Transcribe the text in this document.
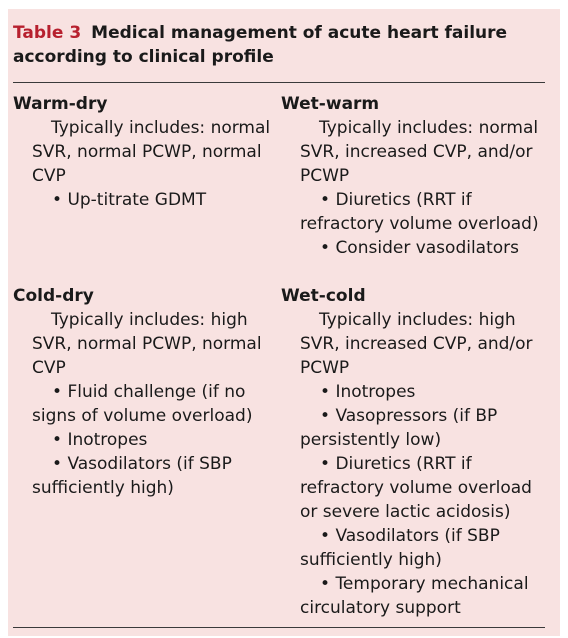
Table 3 Medical management of acute heart failure according to clinical profile
Warm-dry
Typically includes: normal SVR, normal PCWP, normal CVP
• Up-titrate GDMT
Wet-warm
Typically includes: normal SVR, increased CVP, and/or PCWP
• Diuretics (RRT if refractory volume overload)
• Consider vasodilators
Cold-dry
Typically includes: high SVR, normal PCWP, normal CVP
• Fluid challenge (if no signs of volume overload)
• Inotropes
• Vasodilators (if SBP sufficiently high)
Wet-cold
Typically includes: high SVR, increased CVP, and/or PCWP
• Inotropes
• Vasopressors (if BP persistently low)
• Diuretics (RRT if refractory volume overload or severe lactic acidosis)
• Vasodilators (if SBP sufficiently high)
• Temporary mechanical circulatory support
